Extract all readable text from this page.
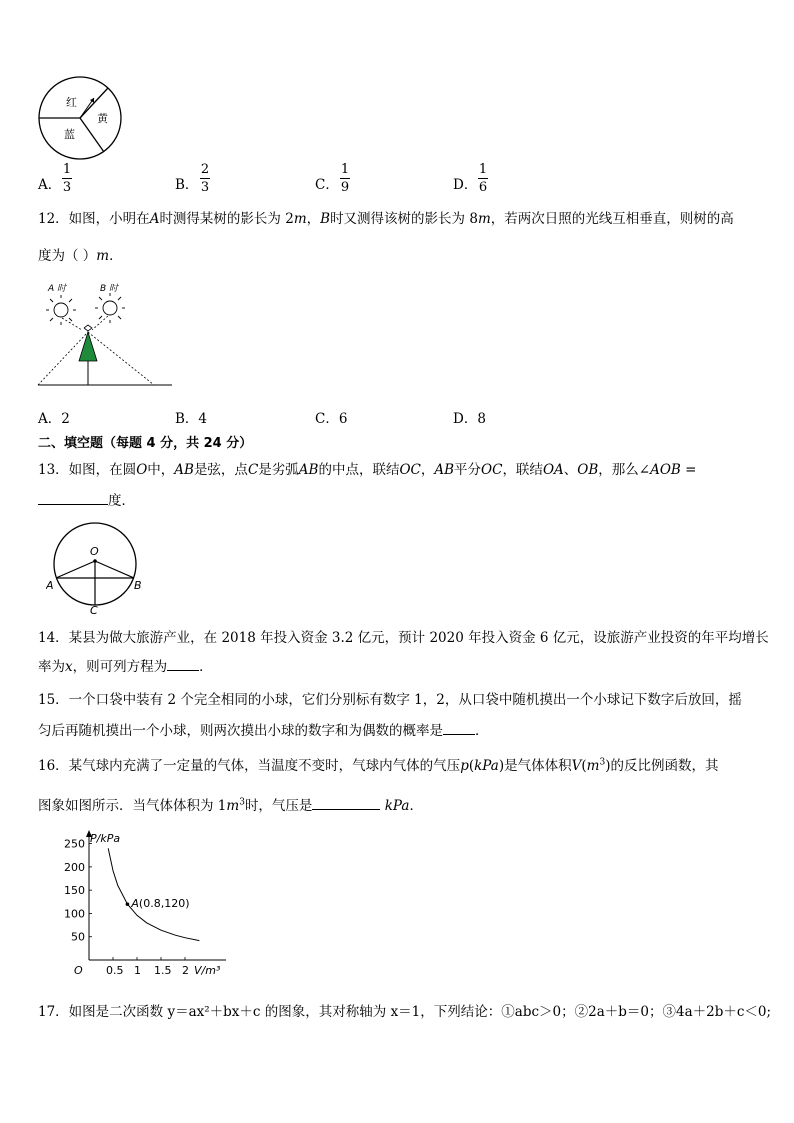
红
蓝
黄
A．
1
3	B．
2
3	C．
1
9	D．
1
6
12．如图，小明在A时测得某树的影长为 2m，B时又测得该树的影长为 8m，若两次日照的光线互相垂直，则树的高
度为（ ）m．
A 时	B 时
A．2	B．4	C．6	D．8
二、填空题（每题 4 分，共 24 分）
13．如图，在圆O中，AB是弦，点C是劣弧AB的中点，联结OC，AB平分OC，联结OA、OB，那么∠AOB =
度．
O
A	B
C
14．某县为做大旅游产业，在 2018 年投入资金 3.2 亿元，预计 2020 年投入资金 6 亿元，设旅游产业投资的年平均增长
率为x，则可列方程为 ．
15．一个口袋中装有 2 个完全相同的小球，它们分别标有数字 1，2，从口袋中随机摸出一个小球记下数字后放回，摇
匀后再随机摸出一个小球，则两次摸出小球的数字和为偶数的概率是 ．
16．某气球内充满了一定量的气体，当温度不变时，气球内气体的气压p(kPa)是气体体积$V(m^3)$的反比例函数，其
图象如图所示．当气体体积为 $1m^3$时，气压是	kPa．
P/kPa
V/m³
O 0.5 1 1.5 2
250
200
150
100
50
A(0.8,120)
17．如图是二次函数 y＝ax²＋bx＋c 的图象，其对称轴为 x＝1，下列结论：①abc＞0；②2a＋b＝0；③4a＋2b＋c＜0;
